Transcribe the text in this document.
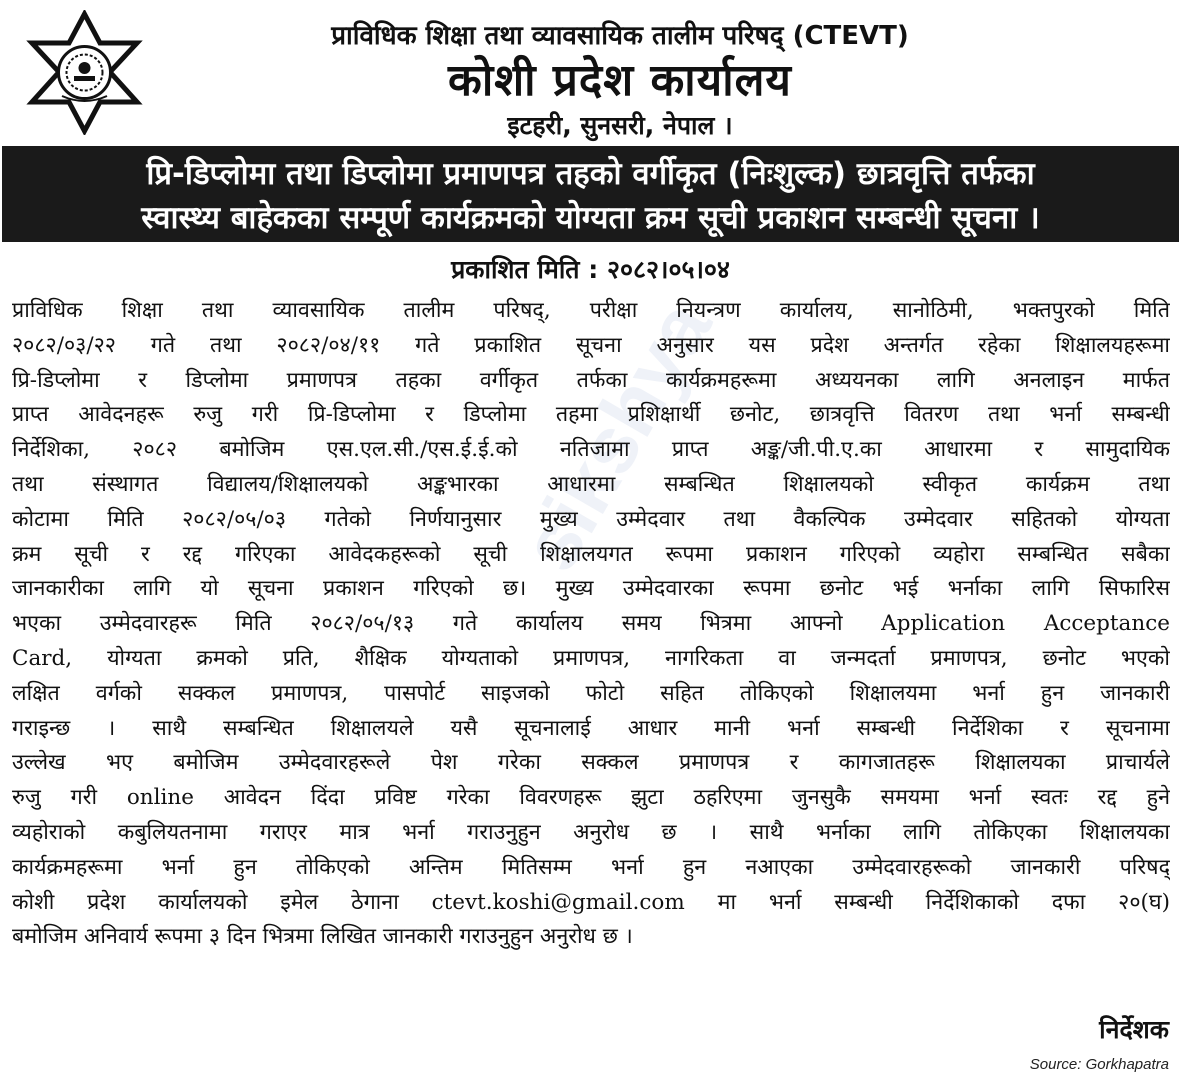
प्राविधिक शिक्षा तथा व्यावसायिक तालीम परिषद् (CTEVT)
कोशी प्रदेश कार्यालय
इटहरी, सुनसरी, नेपाल ।
प्रि-डिप्लोमा तथा डिप्लोमा प्रमाणपत्र तहको वर्गीकृत (निःशुल्क) छात्रवृत्ति तर्फका
स्वास्थ्य बाहेकका सम्पूर्ण कार्यक्रमको योग्यता क्रम सूची प्रकाशन सम्बन्धी सूचना ।
प्रकाशित मिति : २०८२।०५।०४
sikshya
प्राविधिक शिक्षा तथा व्यावसायिक तालीम परिषद्, परीक्षा नियन्त्रण कार्यालय, सानोठिमी, भक्तपुरको मिति
२०८२/०३/२२ गते तथा २०८२/०४/११ गते प्रकाशित सूचना अनुसार यस प्रदेश अन्तर्गत रहेका शिक्षालयहरूमा
प्रि-डिप्लोमा र डिप्लोमा प्रमाणपत्र तहका वर्गीकृत तर्फका कार्यक्रमहरूमा अध्ययनका लागि अनलाइन मार्फत
प्राप्त आवेदनहरू रुजु गरी प्रि-डिप्लोमा र डिप्लोमा तहमा प्रशिक्षार्थी छनोट, छात्रवृत्ति वितरण तथा भर्ना सम्बन्धी
निर्देशिका, २०८२ बमोजिम एस.एल.सी./एस.ई.ई.को नतिजामा प्राप्त अङ्क/जी.पी.ए.का आधारमा र सामुदायिक
तथा संस्थागत विद्यालय/शिक्षालयको अङ्कभारका आधारमा सम्बन्धित शिक्षालयको स्वीकृत कार्यक्रम तथा
कोटामा मिति २०८२/०५/०३ गतेको निर्णयानुसार मुख्य उम्मेदवार तथा वैकल्पिक उम्मेदवार सहितको योग्यता
क्रम सूची र रद्द गरिएका आवेदकहरूको सूची शिक्षालयगत रूपमा प्रकाशन गरिएको व्यहोरा सम्बन्धित सबैका
जानकारीका लागि यो सूचना प्रकाशन गरिएको छ। मुख्य उम्मेदवारका रूपमा छनोट भई भर्नाका लागि सिफारिस
भएका उम्मेदवारहरू मिति २०८२/०५/१३ गते कार्यालय समय भित्रमा आफ्नो Application Acceptance
Card, योग्यता क्रमको प्रति, शैक्षिक योग्यताको प्रमाणपत्र, नागरिकता वा जन्मदर्ता प्रमाणपत्र, छनोट भएको
लक्षित वर्गको सक्कल प्रमाणपत्र, पासपोर्ट साइजको फोटो सहित तोकिएको शिक्षालयमा भर्ना हुन जानकारी
गराइन्छ । साथै सम्बन्धित शिक्षालयले यसै सूचनालाई आधार मानी भर्ना सम्बन्धी निर्देशिका र सूचनामा
उल्लेख भए बमोजिम उम्मेदवारहरूले पेश गरेका सक्कल प्रमाणपत्र र कागजातहरू शिक्षालयका प्राचार्यले
रुजु गरी online आवेदन दिंदा प्रविष्ट गरेका विवरणहरू झुटा ठहरिएमा जुनसुकै समयमा भर्ना स्वतः रद्द हुने
व्यहोराको कबुलियतनामा गराएर मात्र भर्ना गराउनुहुन अनुरोध छ । साथै भर्नाका लागि तोकिएका शिक्षालयका
कार्यक्रमहरूमा भर्ना हुन तोकिएको अन्तिम मितिसम्म भर्ना हुन नआएका उम्मेदवारहरूको जानकारी परिषद्
कोशी प्रदेश कार्यालयको इमेल ठेगाना ctevt.koshi@gmail.com मा भर्ना सम्बन्धी निर्देशिकाको दफा २०(घ)
बमोजिम अनिवार्य रूपमा ३ दिन भित्रमा लिखित जानकारी गराउनुहुन अनुरोध छ ।
निर्देशक
Source: Gorkhapatra
